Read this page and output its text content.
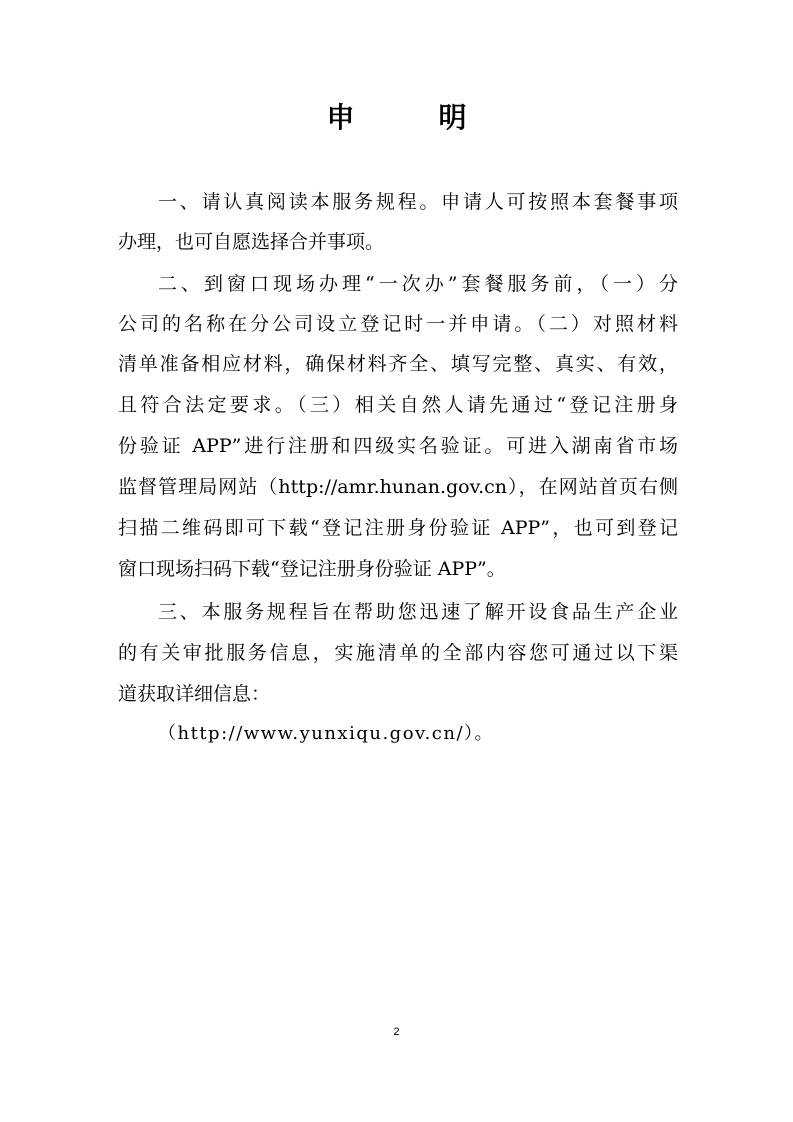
申　明
一、请认真阅读本服务规程。申请人可按照本套餐事项
办理，也可自愿选择合并事项。
二、到窗口现场办理“一次办”套餐服务前，（一）分
公司的名称在分公司设立登记时一并申请。（二）对照材料
清单准备相应材料，确保材料齐全、填写完整、真实、有效，
且符合法定要求。（三）相关自然人请先通过“登记注册身
份验证 APP”进行注册和四级实名验证。可进入湖南省市场
监督管理局网站（http://amr.hunan.gov.cn），在网站首页右侧
扫描二维码即可下载“登记注册身份验证 APP”，也可到登记
窗口现场扫码下载“登记注册身份验证 APP”。
三、本服务规程旨在帮助您迅速了解开设食品生产企业
的有关审批服务信息，实施清单的全部内容您可通过以下渠
道获取详细信息：
（http://www.yunxiqu.gov.cn/）。
2
